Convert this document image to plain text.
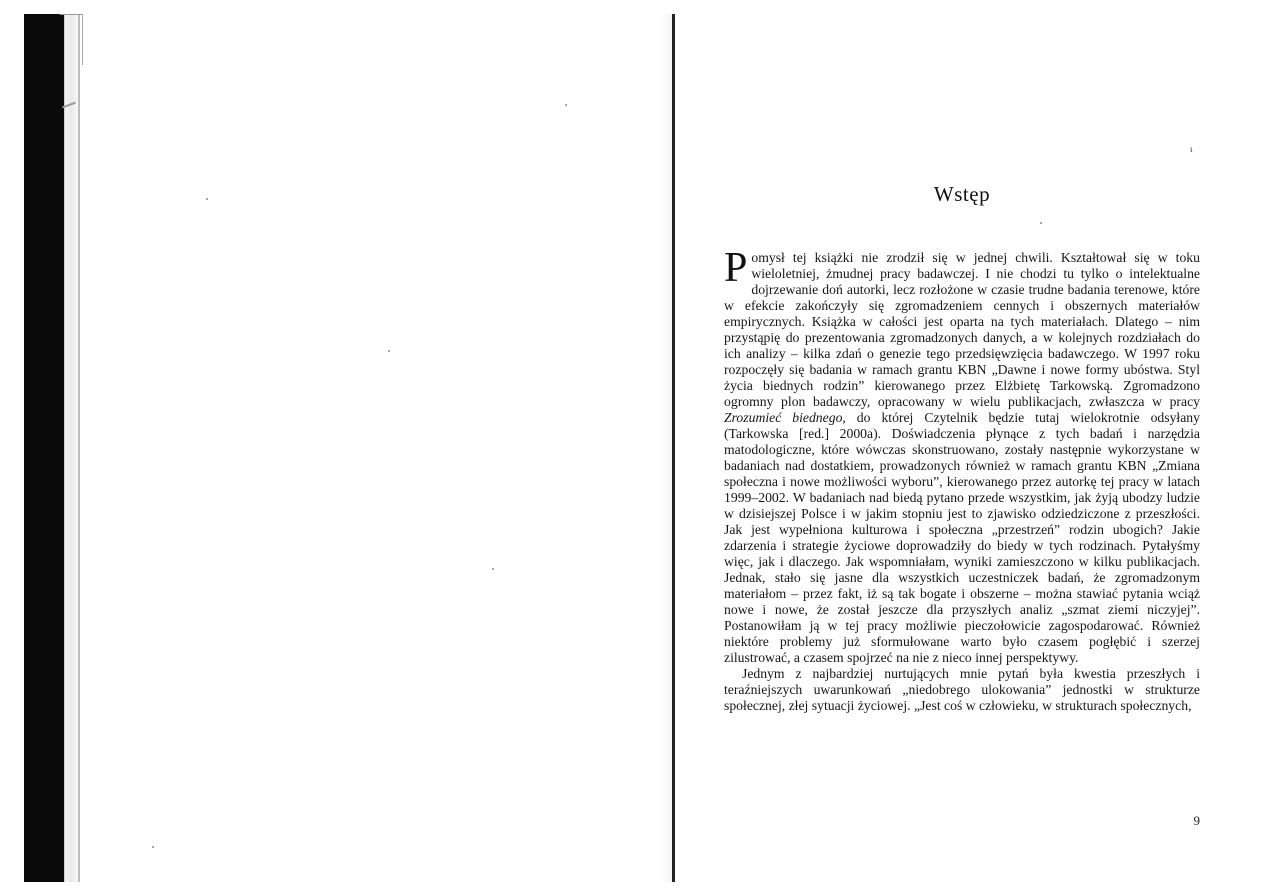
ι
Wstęp

Pomysł tej książki nie zrodził się w jednej chwili. Kształtował się w toku wieloletniej, żmudnej pracy badawczej. I nie chodzi tu tylko o intelektualne dojrzewanie doń autorki, lecz rozłożone w czasie trudne badania terenowe, które w efekcie zakończyły się zgromadzeniem cennych i obszernych materiałów empirycznych. Książka w całości jest oparta na tych materiałach. Dlatego – nim przystąpię do prezentowania zgromadzonych danych, a w kolejnych rozdziałach do ich analizy – kilka zdań o genezie tego przedsięwzięcia badawczego. W 1997 roku rozpoczęły się badania w ramach grantu KBN „Dawne i nowe formy ubóstwa. Styl życia biednych rodzin” kierowanego przez Elżbietę Tarkowską. Zgromadzono ogromny plon badawczy, opracowany w wielu publikacjach, zwłaszcza w pracy Zrozumieć biednego, do której Czytelnik będzie tutaj wielokrotnie odsyłany (Tarkowska [red.] 2000a). Doświadczenia płynące z tych badań i narzędzia matodologiczne, które wówczas skonstruowano, zostały następnie wykorzystane w badaniach nad dostatkiem, prowadzonych również w ramach grantu KBN „Zmiana społeczna i nowe możliwości wyboru”, kierowanego przez autorkę tej pracy w latach 1999–2002. W badaniach nad biedą pytano przede wszystkim, jak żyją ubodzy ludzie w dzisiejszej Polsce i w jakim stopniu jest to zjawisko odziedziczone z przeszłości. Jak jest wypełniona kulturowa i społeczna „przestrzeń” rodzin ubogich? Jakie zdarzenia i strategie życiowe doprowadziły do biedy w tych rodzinach. Pytałyśmy więc, jak i dlaczego. Jak wspomniałam, wyniki zamieszczono w kilku publikacjach. Jednak, stało się jasne dla wszystkich uczestniczek badań, że zgromadzonym materiałom – przez fakt, iż są tak bogate i obszerne – można stawiać pytania wciąż nowe i nowe, że został jeszcze dla przyszłych analiz „szmat ziemi niczyjej”. Postanowiłam ją w tej pracy możliwie pieczołowicie zagospodarować. Również niektóre problemy już sformułowane warto było czasem pogłębić i szerzej zilustrować, a czasem spojrzeć na nie z nieco innej perspektywy.

Jednym z najbardziej nurtujących mnie pytań była kwestia przeszłych i teraźniejszych uwarunkowań „niedobrego ulokowania” jednostki w strukturze społecznej, złej sytuacji życiowej. „Jest coś w człowieku, w strukturach społecznych,

9
